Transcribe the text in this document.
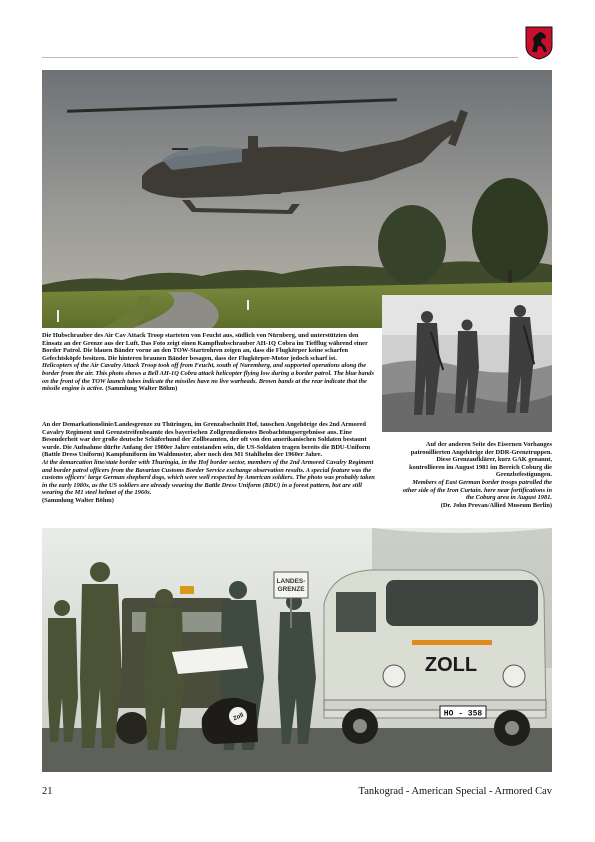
Die Hubschrauber des Air Cav Attack Troop starteten von Feucht aus, südlich von Nürnberg, und unterstützten den Einsatz an der Grenze aus der Luft. Das Foto zeigt einen Kampfhubschrauber AH-1Q Cobra im Tiefflug während einer Border Patrol. Die blauen Bänder vorne an den TOW-Startrohren zeigen an, dass die Flugkörper keine scharfen Gefechtsköpfe besitzen. Die hinteren braunen Bänder besagen, dass der Flugkörper-Motor jedoch scharf ist.
Helicopters of the Air Cavalry Attack Troop took off from Feucht, south of Nuremberg, and supported operations along the border from the air. This photo shows a Bell AH-1Q Cobra attack helicopter flying low during a border patrol. The blue bands on the front of the TOW launch tubes indicate the missiles have no live warheads. Brown bands at the rear indicate that the missile engine is active. (Sammlung Walter Böhm)
An der Demarkationslinie/Landesgrenze zu Thüringen, im Grenzabschnitt Hof, tauschen Angehörige des 2nd Armored Cavalry Regiment und Grenzstreifenbeamte des bayerischen Zollgrenzdienstes Beobachtungsergebnisse aus. Eine Besonderheit war der große deutsche Schäferhund der Zollbeamten, der oft von den amerikanischen Soldaten bestaunt wurde. Die Aufnahme dürfte Anfang der 1980er Jahre entstanden sein, die US-Soldaten tragen bereits die BDU-Uniform (Battle Dress Uniform) Kampfuniform im Waldmuster, aber noch den M1 Stahlhelm der 1960er Jahre.
At the demarcation line/state border with Thuringia, in the Hof border sector, members of the 2nd Armored Cavalry Regiment and border patrol officers from the Bavarian Customs Border Service exchange observation results. A special feature was the customs officers' large German shepherd dogs, which were well respected by American soldiers. The photo was probably taken in the early 1980s, as the US soldiers are already wearing the Battle Dress Uniform (BDU) in a forest pattern, but are still wearing the M1 steel helmet of the 1960s.
(Sammlung Walter Böhm)
Auf der anderen Seite des Eisernen Vorhanges patrouillierten Angehörige der DDR-Grenztruppen. Diese Grenzaufklärer, kurz GAK genannt, kontrollieren im August 1981 im Bereich Coburg die Grenzbefestigungen.
Members of East German border troops patrolled the other side of the Iron Curtain. here near fortifications in the Coburg area in August 1981.
(Dr. John Provan/Allied Museum Berlin)
Zoll
LANDES-GRENZE
ZOLL
HO - 358
21	Tankograd - American Special - Armored Cav
